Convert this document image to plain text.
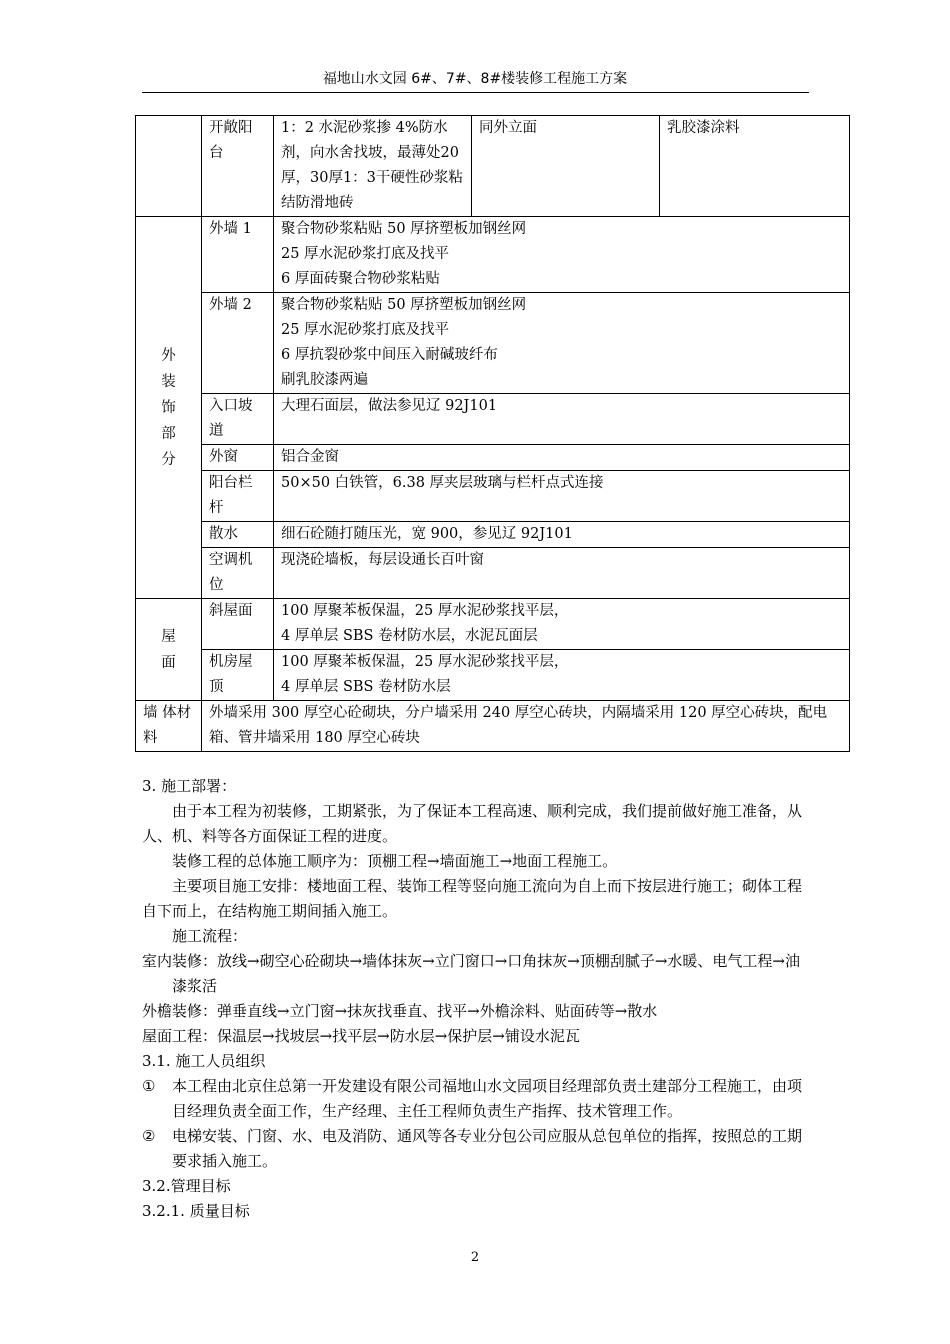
福地山水文园 6#、7#、8#楼装修工程施工方案
	开敞阳台	1：2 水泥砂浆掺 4%防水剂，向水舍找坡，最薄处20厚，30厚1：3干硬性砂浆粘结防滑地砖	同外立面	乳胶漆涂料
外装饰部分	外墙 1	聚合物砂浆粘贴 50 厚挤塑板加钢丝网
25 厚水泥砂浆打底及找平
6 厚面砖聚合物砂浆粘贴		

	外墙 2	聚合物砂浆粘贴 50 厚挤塑板加钢丝网
25 厚水泥砂浆打底及找平
6 厚抗裂砂浆中间压入耐碱玻纤布
刷乳胶漆两遍		

	入口坡道	大理石面层，做法参见辽 92J101		
	外窗	铝合金窗		
	阳台栏杆	50×50 白铁管，6.38 厚夹层玻璃与栏杆点式连接		
	散水	细石砼随打随压光，宽 900，参见辽 92J101		
	空调机位	现浇砼墙板，每层设通长百叶窗		
屋面	斜屋面	100 厚聚苯板保温，25 厚水泥砂浆找平层，
4 厚单层 SBS 卷材防水层，水泥瓦面层		

	机房屋顶	100 厚聚苯板保温，25 厚水泥砂浆找平层，
4 厚单层 SBS 卷材防水层		

墙 体材料	外墙采用 300 厚空心砼砌块，分户墙采用 240 厚空心砖块，内隔墙采用 120 厚空心砖块，配电箱、管井墙采用 180 厚空心砖块			

3. 施工部署：

由于本工程为初装修，工期紧张，为了保证本工程高速、顺利完成，我们提前做好施工准备，从人、机、料等各方面保证工程的进度。

装修工程的总体施工顺序为：顶棚工程→墙面施工→地面工程施工。

主要项目施工安排：楼地面工程、装饰工程等竖向施工流向为自上而下按层进行施工；砌体工程自下而上，在结构施工期间插入施工。

施工流程：

室内装修：放线→砌空心砼砌块→墙体抹灰→立门窗口→口角抹灰→顶棚刮腻子→水暖、电气工程→油漆浆活

外檐装修：弹垂直线→立门窗→抹灰找垂直、找平→外檐涂料、贴面砖等→散水

屋面工程：保温层→找坡层→找平层→防水层→保护层→铺设水泥瓦

3.1. 施工人员组织

①	本工程由北京住总第一开发建设有限公司福地山水文园项目经理部负责土建部分工程施工，由项目经理负责全面工作，生产经理、主任工程师负责生产指挥、技术管理工作。
②	电梯安装、门窗、水、电及消防、通风等各专业分包公司应服从总包单位的指挥，按照总的工期要求插入施工。

3.2.管理目标

3.2.1. 质量目标

2
